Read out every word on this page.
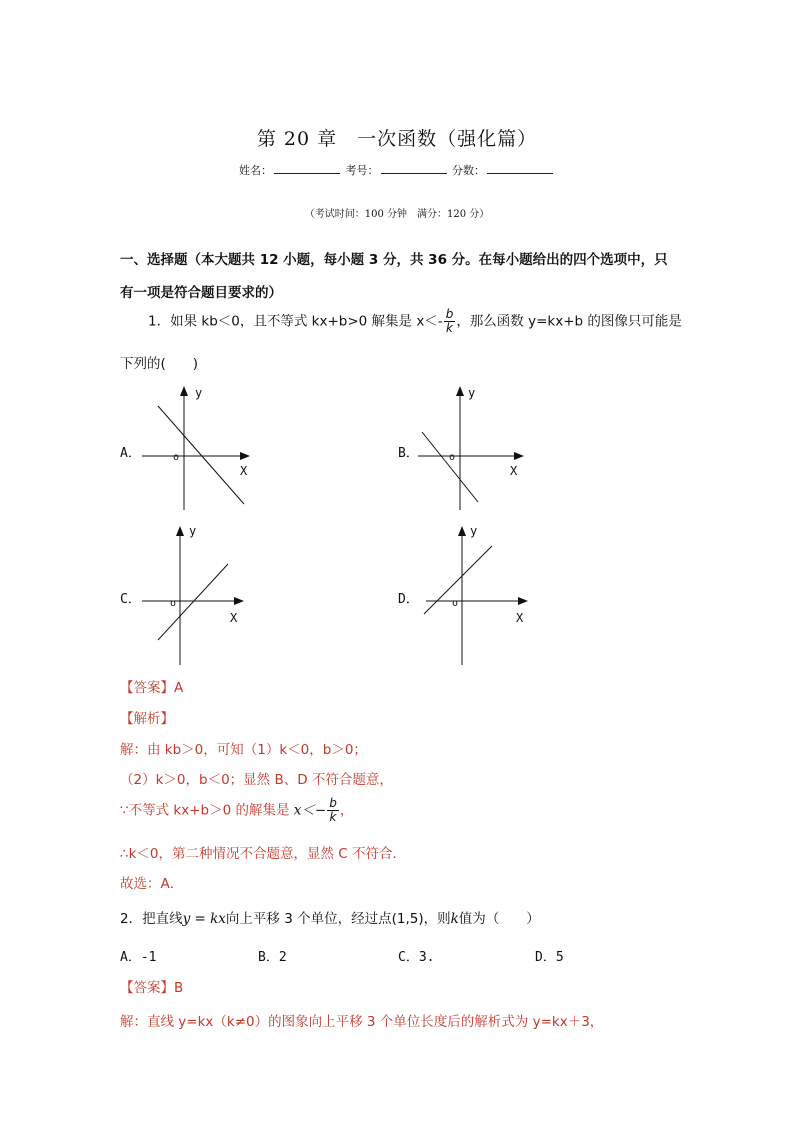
第 20 章　一次函数（强化篇）
姓名：	考号：	分数：
（考试时间：100 分钟　满分：120 分）
一、选择题（本大题共 12 小题，每小题 3 分，共 36 分。在每小题给出的四个选项中，只
有一项是符合题目要求的）
1．如果 kb＜0，且不等式 kx+b>0 解集是 $x<- \frac{b}{k}$ ，那么函数 y=kx+b 的图像只可能是
下列的(　　)
A．
y
X
o	B．
y
X
o
C．
y
X
o	D．
y
X
o
【答案】A
【解析】
解：由 kb＞0，可知（1）k＜0，b＞0；
（2）k＞0，b＜0；显然 B、D 不符合题意，
∵不等式 kx+b＞0 的解集是 $x<- \frac{b}{k}$ ，
∴k＜0，第二种情况不合题意，显然 C 不符合．
故选：A．
2．把直线y = kx向上平移 3 个单位，经过点(1,5)，则k值为（　　）
A．-1	B．2	C．3.	D．5
【答案】B
解：直线 y=kx（k≠0）的图象向上平移 3 个单位长度后的解析式为 y=kx＋3，
